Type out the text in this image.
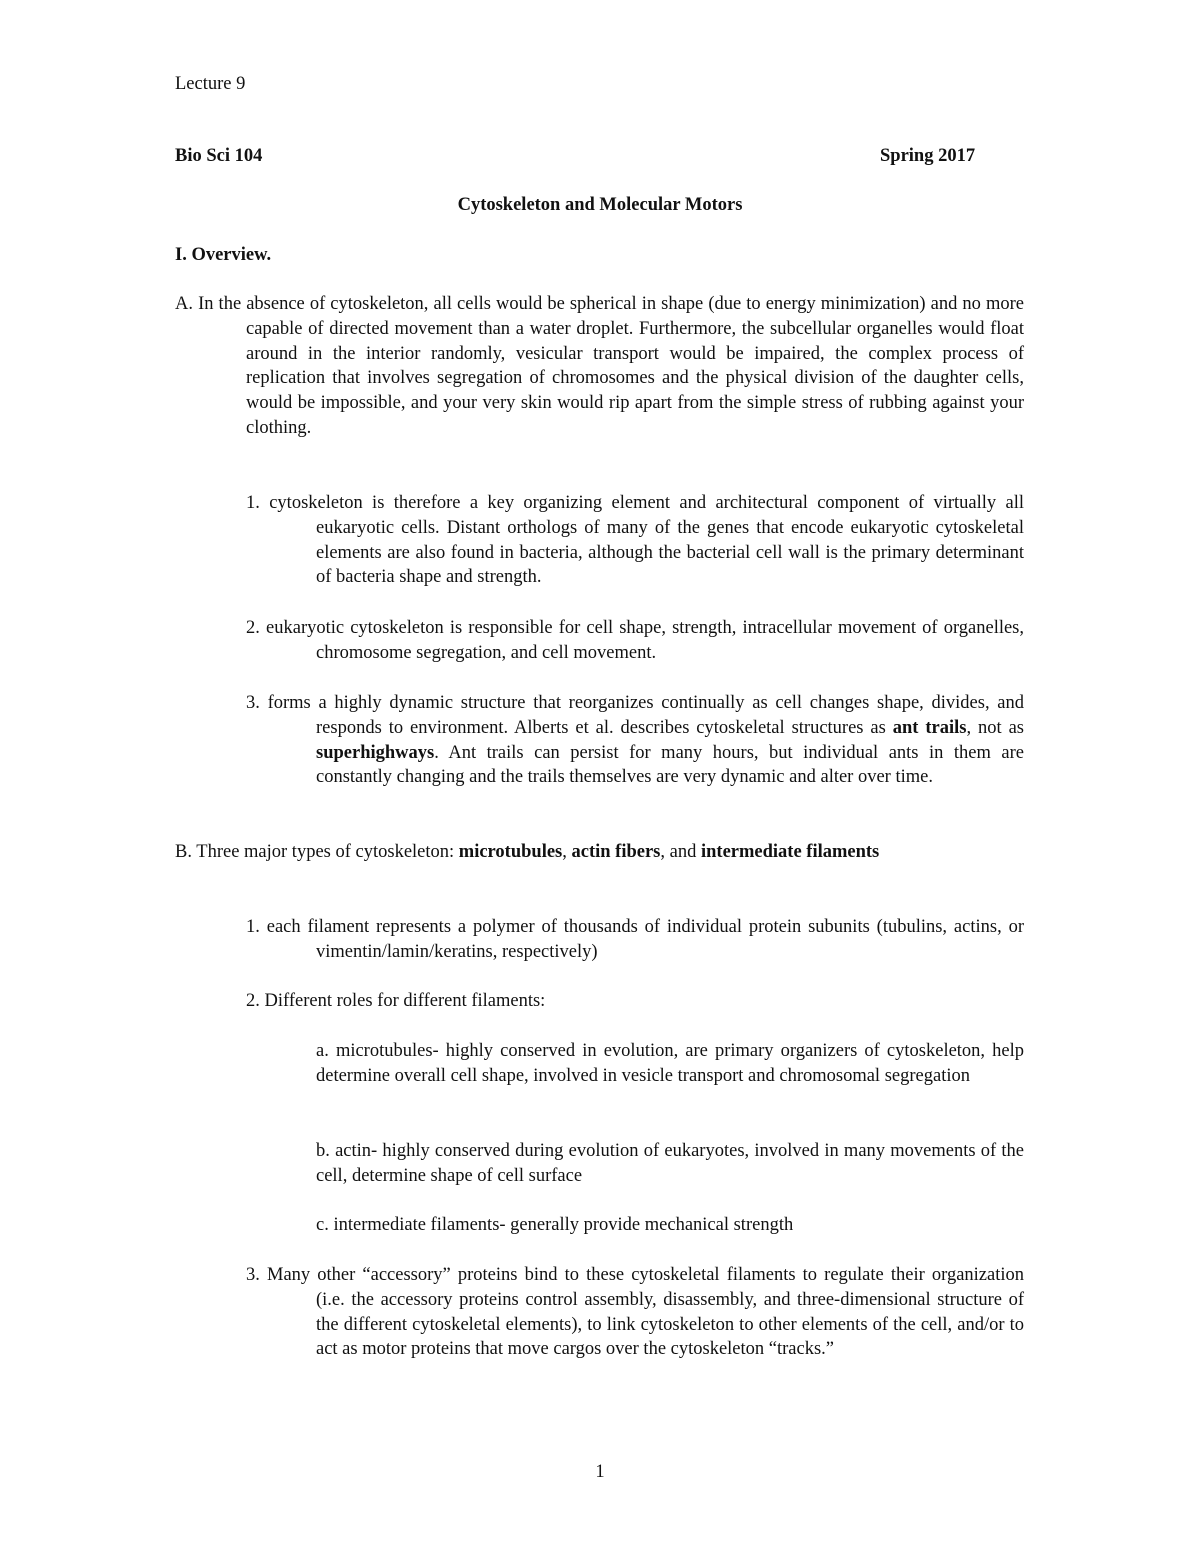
Lecture 9
Bio Sci 104	Spring 2017
Cytoskeleton and Molecular Motors
I. Overview.

A. In the absence of cytoskeleton, all cells would be spherical in shape (due to energy minimization) and no more capable of directed movement than a water droplet. Furthermore, the subcellular organelles would float around in the interior randomly, vesicular transport would be impaired, the complex process of replication that involves segregation of chromosomes and the physical division of the daughter cells, would be impossible, and your very skin would rip apart from the simple stress of rubbing against your clothing.

1. cytoskeleton is therefore a key organizing element and architectural component of virtually all eukaryotic cells. Distant orthologs of many of the genes that encode eukaryotic cytoskeletal elements are also found in bacteria, although the bacterial cell wall is the primary determinant of bacteria shape and strength.

2. eukaryotic cytoskeleton is responsible for cell shape, strength, intracellular movement of organelles, chromosome segregation, and cell movement.

3. forms a highly dynamic structure that reorganizes continually as cell changes shape, divides, and responds to environment. Alberts et al. describes cytoskeletal structures as ant trails, not as superhighways. Ant trails can persist for many hours, but individual ants in them are constantly changing and the trails themselves are very dynamic and alter over time.

B. Three major types of cytoskeleton: microtubules, actin fibers, and intermediate filaments

1. each filament represents a polymer of thousands of individual protein subunits (tubulins, actins, or vimentin/lamin/keratins, respectively)

2. Different roles for different filaments:

a. microtubules- highly conserved in evolution, are primary organizers of cytoskeleton, help determine overall cell shape, involved in vesicle transport and chromosomal segregation

b. actin- highly conserved during evolution of eukaryotes, involved in many movements of the cell, determine shape of cell surface

c. intermediate filaments- generally provide mechanical strength

3. Many other “accessory” proteins bind to these cytoskeletal filaments to regulate their organization (i.e. the accessory proteins control assembly, disassembly, and three-dimensional structure of the different cytoskeletal elements), to link cytoskeleton to other elements of the cell, and/or to act as motor proteins that move cargos over the cytoskeleton “tracks.”

1
